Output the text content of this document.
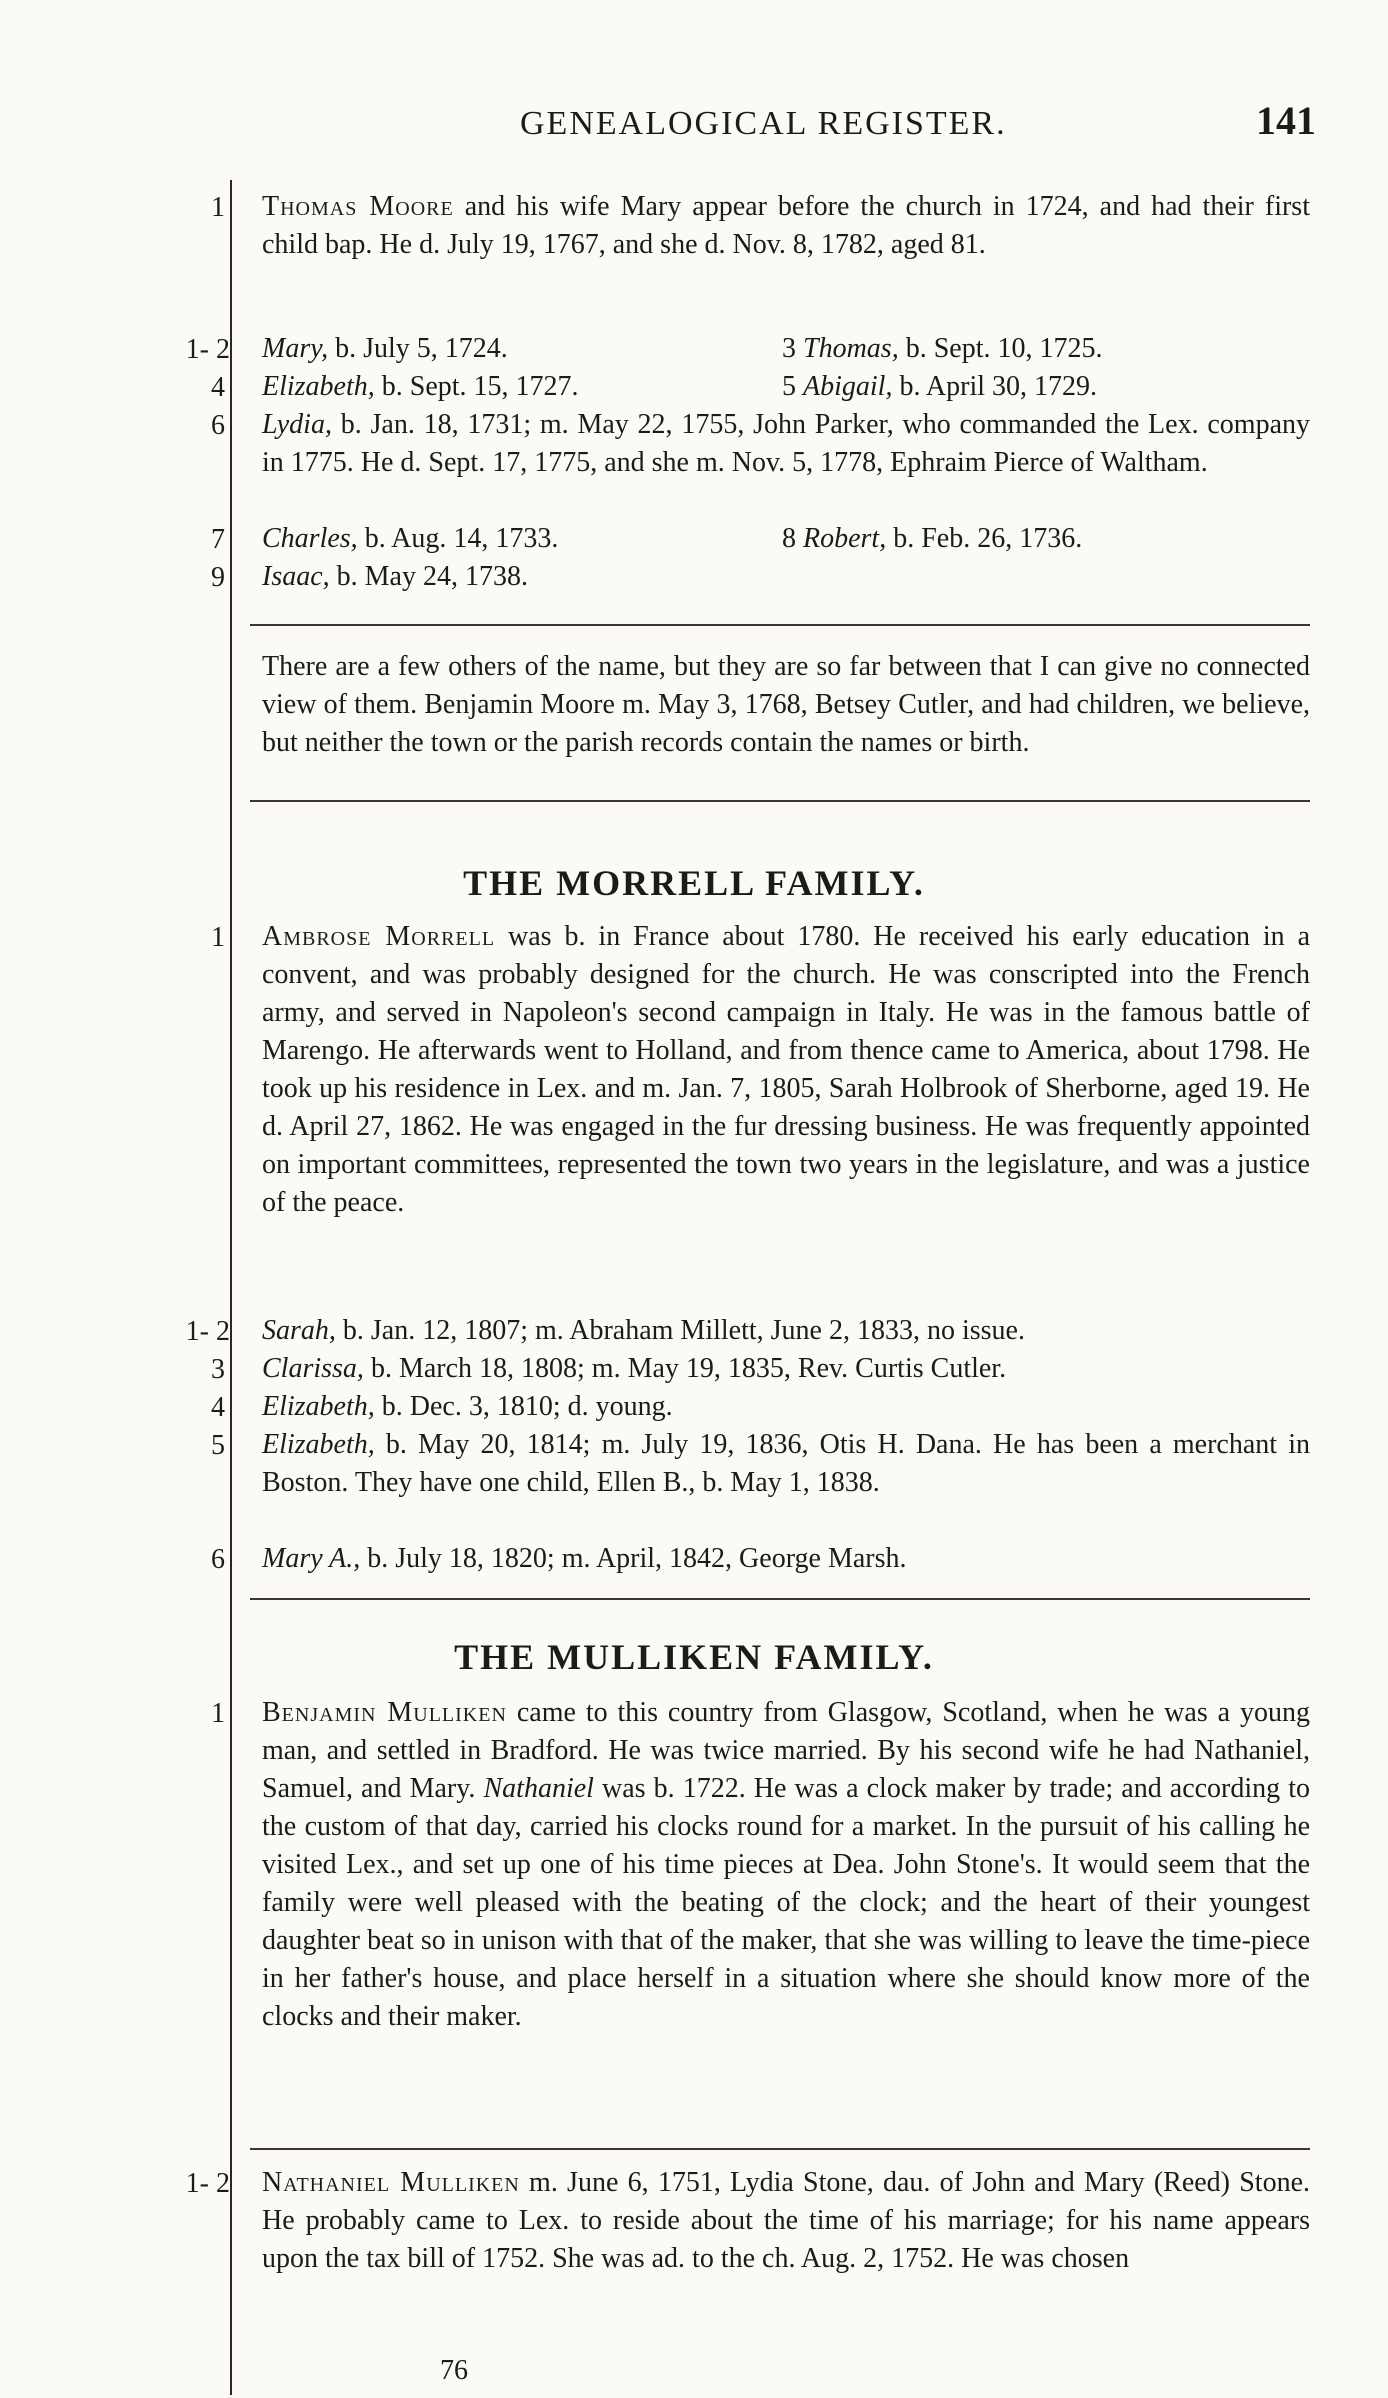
GENEALOGICAL REGISTER.	141
1 Thomas Moore and his wife Mary appear before the church in 1724, and had their first child bap. He d. July 19, 1767, and she d. Nov. 8, 1782, aged 81.

1- 2 Mary, b. July 5, 1724.	3 Thomas, b. Sept. 10, 1725.
4 Elizabeth, b. Sept. 15, 1727.	5 Abigail, b. April 30, 1729.
6 Lydia, b. Jan. 18, 1731; m. May 22, 1755, John Parker, who commanded the Lex. company in 1775. He d. Sept. 17, 1775, and she m. Nov. 5, 1778, Ephraim Pierce of Waltham.

7 Charles, b. Aug. 14, 1733.	8 Robert, b. Feb. 26, 1736.
9 Isaac, b. May 24, 1738.

There are a few others of the name, but they are so far between that I can give no connected view of them. Benjamin Moore m. May 3, 1768, Betsey Cutler, and had children, we believe, but neither the town or the parish records contain the names or birth.

THE MORRELL FAMILY.
1 Ambrose Morrell was b. in France about 1780. He received his early education in a convent, and was probably designed for the church. He was conscripted into the French army, and served in Napoleon's second campaign in Italy. He was in the famous battle of Marengo. He afterwards went to Holland, and from thence came to America, about 1798. He took up his residence in Lex. and m. Jan. 7, 1805, Sarah Holbrook of Sherborne, aged 19. He d. April 27, 1862. He was engaged in the fur dressing business. He was frequently appointed on important committees, represented the town two years in the legislature, and was a justice of the peace.

1- 2 Sarah, b. Jan. 12, 1807; m. Abraham Millett, June 2, 1833, no issue.
3 Clarissa, b. March 18, 1808; m. May 19, 1835, Rev. Curtis Cutler.
4 Elizabeth, b. Dec. 3, 1810; d. young.
5 Elizabeth, b. May 20, 1814; m. July 19, 1836, Otis H. Dana. He has been a merchant in Boston. They have one child, Ellen B., b. May 1, 1838.

6 Mary A., b. July 18, 1820; m. April, 1842, George Marsh.
THE MULLIKEN FAMILY.
1 Benjamin Mulliken came to this country from Glasgow, Scotland, when he was a young man, and settled in Bradford. He was twice married. By his second wife he had Nathaniel, Samuel, and Mary. Nathaniel was b. 1722. He was a clock maker by trade; and according to the custom of that day, carried his clocks round for a market. In the pursuit of his calling he visited Lex., and set up one of his time pieces at Dea. John Stone's. It would seem that the family were well pleased with the beating of the clock; and the heart of their youngest daughter beat so in unison with that of the maker, that she was willing to leave the time-piece in her father's house, and place herself in a situation where she should know more of the clocks and their maker.

1- 2 Nathaniel Mulliken m. June 6, 1751, Lydia Stone, dau. of John and Mary (Reed) Stone. He probably came to Lex. to reside about the time of his marriage; for his name appears upon the tax bill of 1752. She was ad. to the ch. Aug. 2, 1752. He was chosen

76
